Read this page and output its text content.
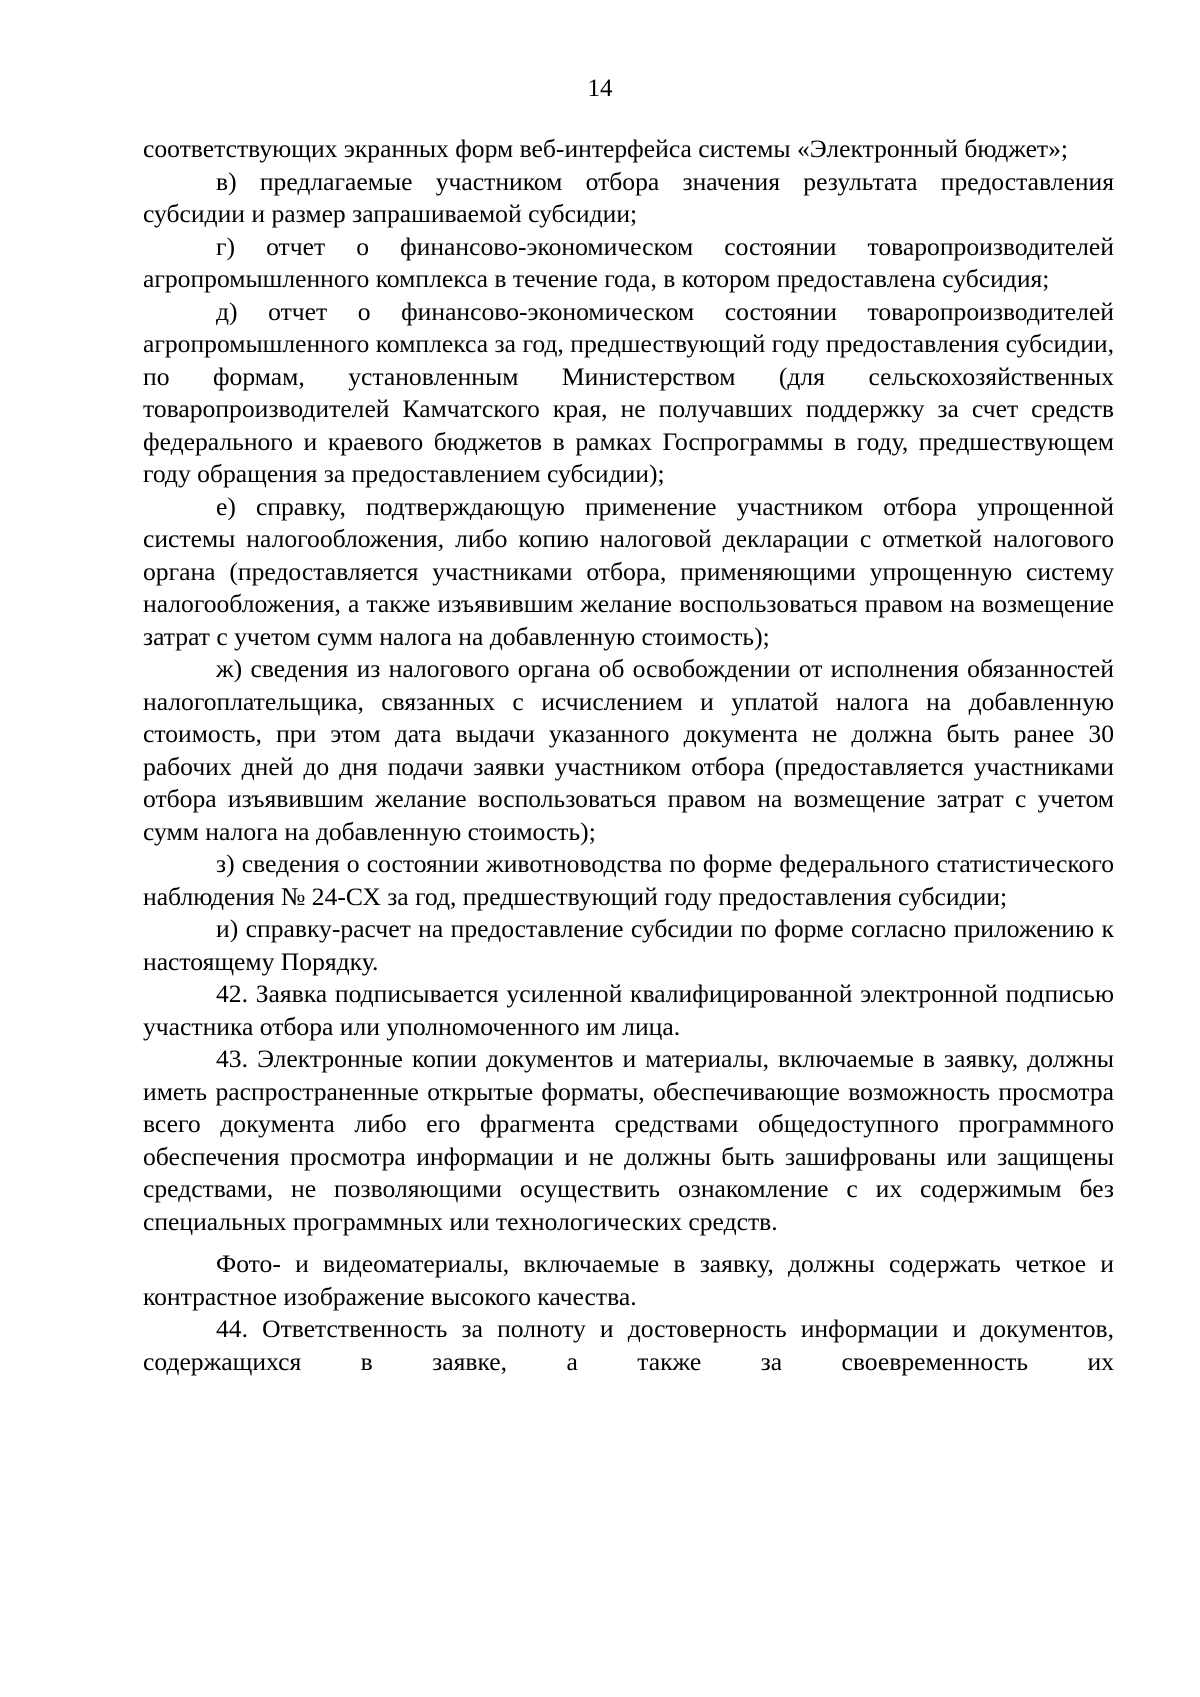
14

соответствующих экранных форм веб-интерфейса системы «Электронный бюджет»;

в) предлагаемые участником отбора значения результата предоставления субсидии и размер запрашиваемой субсидии;

г) отчет о финансово-экономическом состоянии товаропроизводителей агропромышленного комплекса в течение года, в котором предоставлена субсидия;

д) отчет о финансово-экономическом состоянии товаропроизводителей агропромышленного комплекса за год, предшествующий году предоставления субсидии, по формам, установленным Министерством (для сельскохозяйственных товаропроизводителей Камчатского края, не получавших поддержку за счет средств федерального и краевого бюджетов в рамках Госпрограммы в году, предшествующем году обращения за предоставлением субсидии);

е) справку, подтверждающую применение участником отбора упрощенной системы налогообложения, либо копию налоговой декларации с отметкой налогового органа (предоставляется участниками отбора, применяющими упрощенную систему налогообложения, а также изъявившим желание воспользоваться правом на возмещение затрат с учетом сумм налога на добавленную стоимость);

ж) сведения из налогового органа об освобождении от исполнения обязанностей налогоплательщика, связанных с исчислением и уплатой налога на добавленную стоимость, при этом дата выдачи указанного документа не должна быть ранее 30 рабочих дней до дня подачи заявки участником отбора (предоставляется участниками отбора изъявившим желание воспользоваться правом на возмещение затрат с учетом сумм налога на добавленную стоимость);

з) сведения о состоянии животноводства по форме федерального статистического наблюдения № 24-СХ за год, предшествующий году предоставления субсидии;

и) справку-расчет на предоставление субсидии по форме согласно приложению к настоящему Порядку.

42. Заявка подписывается усиленной квалифицированной электронной подписью участника отбора или уполномоченного им лица.

43. Электронные копии документов и материалы, включаемые в заявку, должны иметь распространенные открытые форматы, обеспечивающие возможность просмотра всего документа либо его фрагмента средствами общедоступного программного обеспечения просмотра информации и не должны быть зашифрованы или защищены средствами, не позволяющими осуществить ознакомление с их содержимым без специальных программных или технологических средств.

Фото- и видеоматериалы, включаемые в заявку, должны содержать четкое и контрастное изображение высокого качества.

44. Ответственность за полноту и достоверность информации и документов, содержащихся в заявке, а также за своевременность их
